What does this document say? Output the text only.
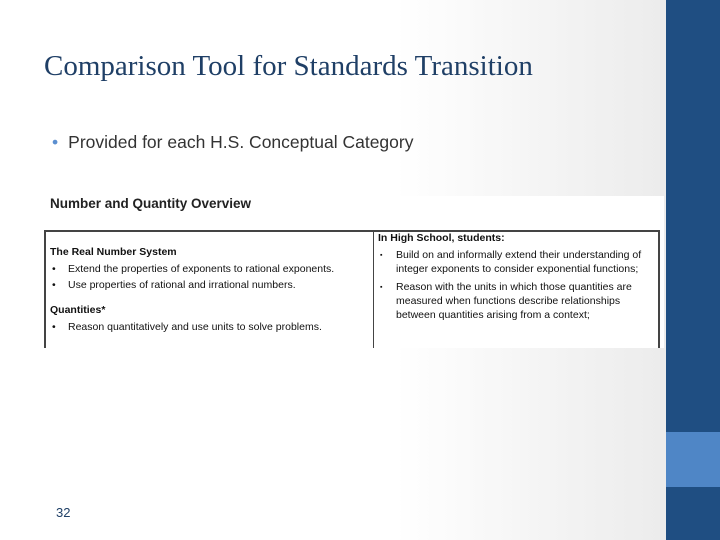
Comparison Tool for Standards Transition
• Provided for each H.S. Conceptual Category
Number and Quantity Overview

The Real Number System

• Extend the properties of exponents to rational exponents.
• Use properties of rational and irrational numbers.

Quantities*

• Reason quantitatively and use units to solve problems.

In High School, students:

▪ Build on and informally extend their understanding of integer exponents to consider exponential functions;
▪ Reason with the units in which those quantities are measured when functions describe relationships between quantities arising from a context;
32
